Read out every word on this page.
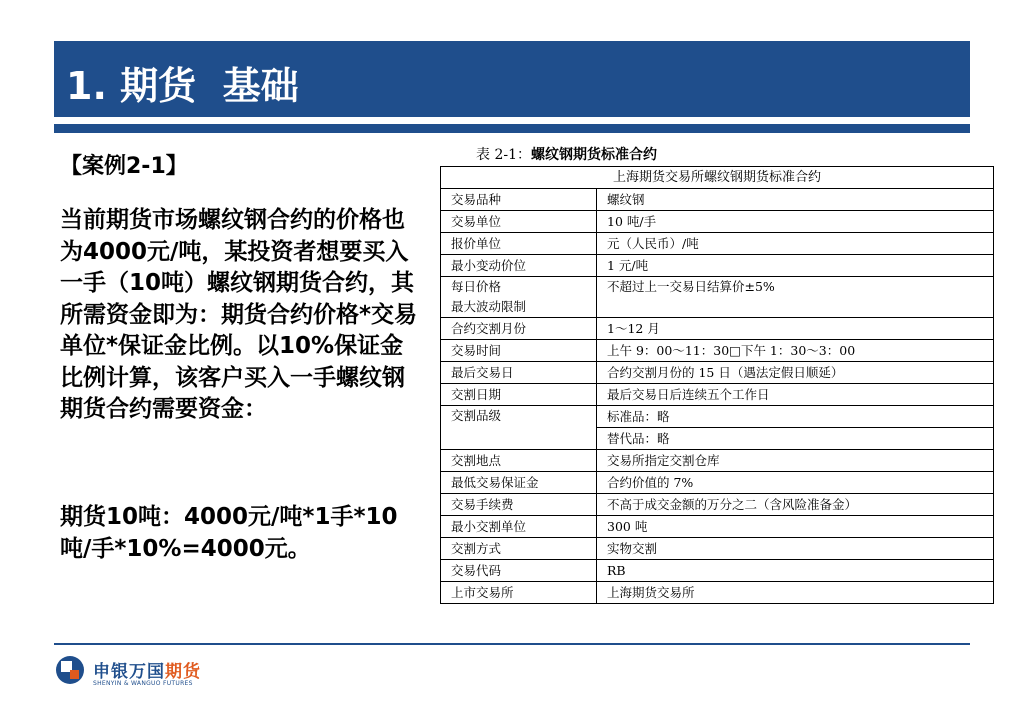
1. 期货  基础
【案例2-1】
当前期货市场螺纹钢合约的价格也为4000元/吨，某投资者想要买入一手（10吨）螺纹钢期货合约，其所需资金即为：期货合约价格*交易单位*保证金比例。以10%保证金比例计算，该客户买入一手螺纹钢期货合约需要资金：
期货10吨：4000元/吨*1手*10吨/手*10%=4000元。
表 2-1：螺纹钢期货标准合约
上海期货交易所螺纹钢期货标准合约	
交易品种	螺纹钢
交易单位	10 吨/手
报价单位	元（人民币）/吨
最小变动价位	1 元/吨

每日价格
最大波动限制	不超过上一交易日结算价±5%
合约交割月份	1～12 月
交易时间	上午 9：00～11：30□下午 1：30～3：00
最后交易日	合约交割月份的 15 日（遇法定假日顺延）
交割日期	最后交易日后连续五个工作日
交割品级	标准品：略
	替代品：略
交割地点	交易所指定交割仓库
最低交易保证金	合约价值的 7%
交易手续费	不高于成交金额的万分之二（含风险准备金）
最小交割单位	300 吨
交割方式	实物交割
交易代码	RB
上市交易所	上海期货交易所
申银万国期货
SHENYIN & WANGUO FUTURES
